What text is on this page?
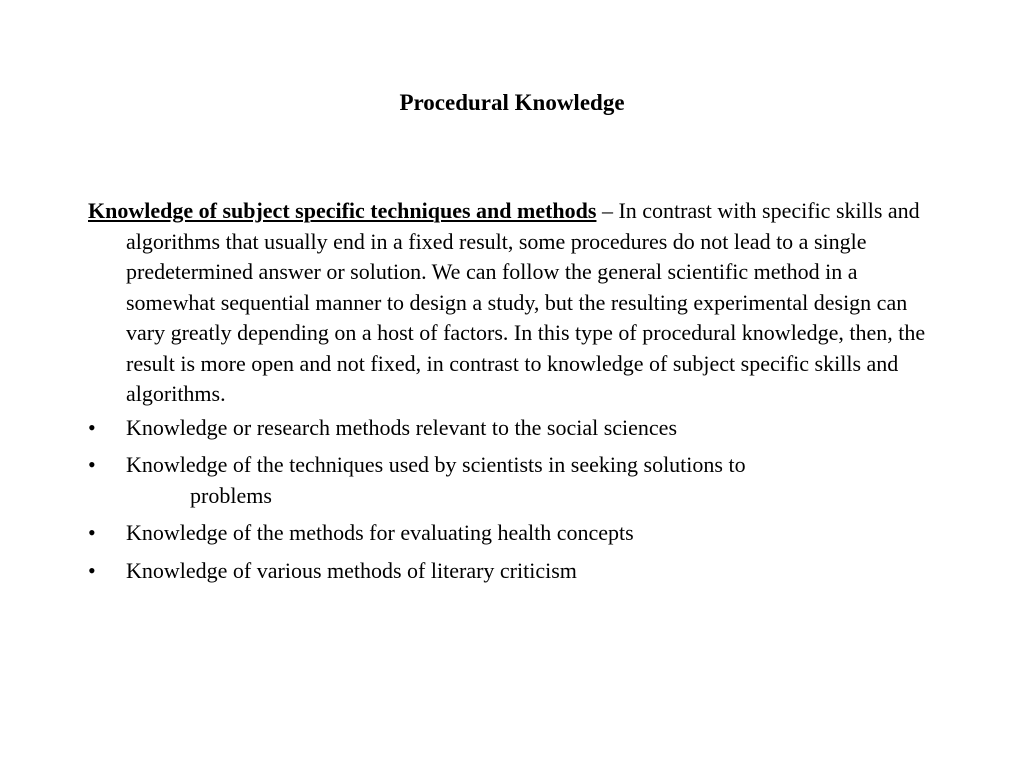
Procedural Knowledge

Knowledge of subject specific techniques and methods – In contrast with specific skills and algorithms that usually end in a fixed result, some procedures do not lead to a single predetermined answer or solution. We can follow the general scientific method in a somewhat sequential manner to design a study, but the resulting experimental design can vary greatly depending on a host of factors. In this type of procedural knowledge, then, the result is more open and not fixed, in contrast to knowledge of subject specific skills and algorithms.

• Knowledge or research methods relevant to the social sciences
• Knowledge of the techniques used by scientists in seeking solutions to
problems
• Knowledge of the methods for evaluating health concepts
• Knowledge of various methods of literary criticism
